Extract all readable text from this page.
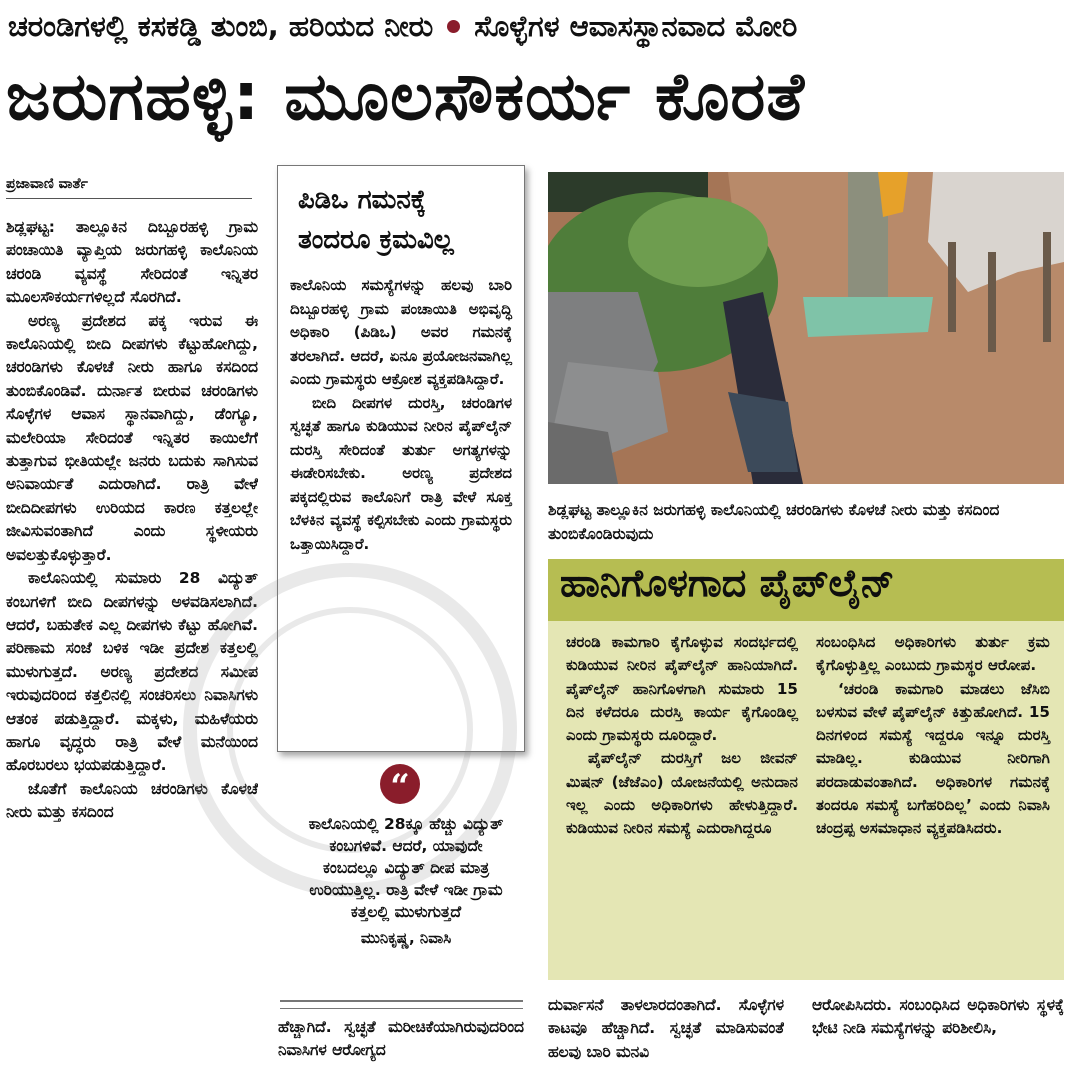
ಚರಂಡಿಗಳಲ್ಲಿ ಕಸಕಡ್ಡಿ ತುಂಬಿ, ಹರಿಯದ ನೀರು ಸೊಳ್ಳೆಗಳ ಆವಾಸಸ್ಥಾನವಾದ ಮೋರಿ
ಜರುಗಹಳ್ಳಿ: ಮೂಲಸೌಕರ್ಯ ಕೊರತೆ
ಪ್ರಜಾವಾಣಿ ವಾರ್ತೆ

ಶಿಡ್ಲಘಟ್ಟ: ತಾಲ್ಲೂಕಿನ ದಿಬ್ಬೂರಹಳ್ಳಿ ಗ್ರಾಮ ಪಂಚಾಯಿತಿ ವ್ಯಾಪ್ತಿಯ ಜರುಗಹಳ್ಳಿ ಕಾಲೊನಿಯ ಚರಂಡಿ ವ್ಯವಸ್ಥೆ ಸೇರಿದಂತೆ ಇನ್ನಿತರ ಮೂಲಸೌಕರ್ಯಗಳಿಲ್ಲದೆ ಸೊರಗಿದೆ.

ಅರಣ್ಯ ಪ್ರದೇಶದ ಪಕ್ಕ ಇರುವ ಈ ಕಾಲೊನಿಯಲ್ಲಿ ಬೀದಿ ದೀಪಗಳು ಕೆಟ್ಟುಹೋಗಿದ್ದು, ಚರಂಡಿಗಳು ಕೊಳಚೆ ನೀರು ಹಾಗೂ ಕಸದಿಂದ ತುಂಬಿಕೊಂಡಿವೆ. ದುರ್ನಾತ ಬೀರುವ ಚರಂಡಿಗಳು ಸೊಳ್ಳೆಗಳ ಆವಾಸ ಸ್ಥಾನವಾಗಿದ್ದು, ಡೆಂಗ್ಯೂ, ಮಲೇರಿಯಾ ಸೇರಿದಂತೆ ಇನ್ನಿತರ ಕಾಯಿಲೆಗೆ ತುತ್ತಾಗುವ ಭೀತಿಯಲ್ಲೇ ಜನರು ಬದುಕು ಸಾಗಿಸುವ ಅನಿವಾರ್ಯತೆ ಎದುರಾಗಿದೆ. ರಾತ್ರಿ ವೇಳೆ ಬೀದಿದೀಪಗಳು ಉರಿಯದ ಕಾರಣ ಕತ್ತಲಲ್ಲೇ ಜೀವಿಸುವಂತಾಗಿದೆ ಎಂದು ಸ್ಥಳೀಯರು ಅವಲತ್ತುಕೊಳ್ಳುತ್ತಾರೆ.

ಕಾಲೊನಿಯಲ್ಲಿ ಸುಮಾರು 28 ವಿದ್ಯುತ್ ಕಂಬಗಳಿಗೆ ಬೀದಿ ದೀಪಗಳನ್ನು ಅಳವಡಿಸಲಾಗಿದೆ. ಆದರೆ, ಬಹುತೇಕ ಎಲ್ಲ ದೀಪಗಳು ಕೆಟ್ಟು ಹೋಗಿವೆ. ಪರಿಣಾಮ ಸಂಜೆ ಬಳಿಕ ಇಡೀ ಪ್ರದೇಶ ಕತ್ತಲಲ್ಲಿ ಮುಳುಗುತ್ತದೆ. ಅರಣ್ಯ ಪ್ರದೇಶದ ಸಮೀಪ ಇರುವುದರಿಂದ ಕತ್ತಲಿನಲ್ಲಿ ಸಂಚರಿಸಲು ನಿವಾಸಿಗಳು ಆತಂಕ ಪಡುತ್ತಿದ್ದಾರೆ. ಮಕ್ಕಳು, ಮಹಿಳೆಯರು ಹಾಗೂ ವೃದ್ಧರು ರಾತ್ರಿ ವೇಳೆ ಮನೆಯಿಂದ ಹೊರಬರಲು ಭಯಪಡುತ್ತಿದ್ದಾರೆ.

ಜೊತೆಗೆ ಕಾಲೊನಿಯ ಚರಂಡಿಗಳು ಕೊಳಚೆ ನೀರು ಮತ್ತು ಕಸದಿಂದ

ಪಿಡಿಒ ಗಮನಕ್ಕೆ
ತಂದರೂ ಕ್ರಮವಿಲ್ಲ

ಕಾಲೊನಿಯ ಸಮಸ್ಯೆಗಳನ್ನು ಹಲವು ಬಾರಿ ದಿಬ್ಬೂರಹಳ್ಳಿ ಗ್ರಾಮ ಪಂಚಾಯಿತಿ ಅಭಿವೃದ್ಧಿ ಅಧಿಕಾರಿ (ಪಿಡಿಒ) ಅವರ ಗಮನಕ್ಕೆ ತರಲಾಗಿದೆ. ಆದರೆ, ಏನೂ ಪ್ರಯೋಜನವಾಗಿಲ್ಲ ಎಂದು ಗ್ರಾಮಸ್ಥರು ಆಕ್ರೋಶ ವ್ಯಕ್ತಪಡಿಸಿದ್ದಾರೆ.

ಬೀದಿ ದೀಪಗಳ ದುರಸ್ತಿ, ಚರಂಡಿಗಳ ಸ್ವಚ್ಛತೆ ಹಾಗೂ ಕುಡಿಯುವ ನೀರಿನ ಪೈಪ್‌ಲೈನ್ ದುರಸ್ತಿ ಸೇರಿದಂತೆ ತುರ್ತು ಅಗತ್ಯಗಳನ್ನು ಈಡೇರಿಸಬೇಕು. ಅರಣ್ಯ ಪ್ರದೇಶದ ಪಕ್ಕದಲ್ಲಿರುವ ಕಾಲೊನಿಗೆ ರಾತ್ರಿ ವೇಳೆ ಸೂಕ್ತ ಬೆಳಕಿನ ವ್ಯವಸ್ಥೆ ಕಲ್ಪಿಸಬೇಕು ಎಂದು ಗ್ರಾಮಸ್ಥರು ಒತ್ತಾಯಿಸಿದ್ದಾರೆ.

“
ಕಾಲೊನಿಯಲ್ಲಿ 28ಕ್ಕೂ ಹೆಚ್ಚು ವಿದ್ಯುತ್ ಕಂಬಗಳಿವೆ. ಆದರೆ, ಯಾವುದೇ ಕಂಬದಲ್ಲೂ ವಿದ್ಯುತ್ ದೀಪ ಮಾತ್ರ ಉರಿಯುತ್ತಿಲ್ಲ. ರಾತ್ರಿ ವೇಳೆ ಇಡೀ ಗ್ರಾಮ ಕತ್ತಲಲ್ಲಿ ಮುಳುಗುತ್ತದೆ
ಮುನಿಕೃಷ್ಣ, ನಿವಾಸಿ

ಹೆಚ್ಚಾಗಿದೆ. ಸ್ವಚ್ಛತೆ ಮರೀಚಿಕೆಯಾಗಿರುವುದರಿಂದ ನಿವಾಸಿಗಳ ಆರೋಗ್ಯದ

ಶಿಡ್ಲಘಟ್ಟ ತಾಲ್ಲೂಕಿನ ಜರುಗಹಳ್ಳಿ ಕಾಲೊನಿಯಲ್ಲಿ ಚರಂಡಿಗಳು ಕೊಳಚೆ ನೀರು ಮತ್ತು ಕಸದಿಂದ ತುಂಬಿಕೊಂಡಿರುವುದು
ಹಾನಿಗೊಳಗಾದ ಪೈಪ್‌ಲೈನ್

ಚರಂಡಿ ಕಾಮಗಾರಿ ಕೈಗೊಳ್ಳುವ ಸಂದರ್ಭದಲ್ಲಿ ಕುಡಿಯುವ ನೀರಿನ ಪೈಪ್‌ಲೈನ್ ಹಾನಿಯಾಗಿದೆ. ಪೈಪ್‌ಲೈನ್ ಹಾನಿಗೊಳಗಾಗಿ ಸುಮಾರು 15 ದಿನ ಕಳೆದರೂ ದುರಸ್ತಿ ಕಾರ್ಯ ಕೈಗೊಂಡಿಲ್ಲ ಎಂದು ಗ್ರಾಮಸ್ಥರು ದೂರಿದ್ದಾರೆ.

ಪೈಪ್‌ಲೈನ್ ದುರಸ್ತಿಗೆ ಜಲ ಜೀವನ್ ಮಿಷನ್ (ಜೆಜೆಎಂ) ಯೋಜನೆಯಲ್ಲಿ ಅನುದಾನ ಇಲ್ಲ ಎಂದು ಅಧಿಕಾರಿಗಳು ಹೇಳುತ್ತಿದ್ದಾರೆ. ಕುಡಿಯುವ ನೀರಿನ ಸಮಸ್ಯೆ ಎದುರಾಗಿದ್ದರೂ

ಸಂಬಂಧಿಸಿದ ಅಧಿಕಾರಿಗಳು ತುರ್ತು ಕ್ರಮ ಕೈಗೊಳ್ಳುತ್ತಿಲ್ಲ ಎಂಬುದು ಗ್ರಾಮಸ್ಥರ ಆರೋಪ.

‘ಚರಂಡಿ ಕಾಮಗಾರಿ ಮಾಡಲು ಜೆಸಿಬಿ ಬಳಸುವ ವೇಳೆ ಪೈಪ್‌ಲೈನ್ ಕಿತ್ತುಹೋಗಿದೆ. 15 ದಿನಗಳಿಂದ ಸಮಸ್ಯೆ ಇದ್ದರೂ ಇನ್ನೂ ದುರಸ್ತಿ ಮಾಡಿಲ್ಲ. ಕುಡಿಯುವ ನೀರಿಗಾಗಿ ಪರದಾಡುವಂತಾಗಿದೆ. ಅಧಿಕಾರಿಗಳ ಗಮನಕ್ಕೆ ತಂದರೂ ಸಮಸ್ಯೆ ಬಗೆಹರಿದಿಲ್ಲ’ ಎಂದು ನಿವಾಸಿ ಚಂದ್ರಪ್ಪ ಅಸಮಾಧಾನ ವ್ಯಕ್ತಪಡಿಸಿದರು.

ದುರ್ವಾಸನೆ ತಾಳಲಾರದಂತಾಗಿದೆ. ಸೊಳ್ಳೆಗಳ ಕಾಟವೂ ಹೆಚ್ಚಾಗಿದೆ. ಸ್ವಚ್ಛತೆ ಮಾಡಿಸುವಂತೆ ಹಲವು ಬಾರಿ ಮನವಿ

ಆರೋಪಿಸಿದರು. ಸಂಬಂಧಿಸಿದ ಅಧಿಕಾರಿಗಳು ಸ್ಥಳಕ್ಕೆ ಭೇಟಿ ನೀಡಿ ಸಮಸ್ಯೆಗಳನ್ನು ಪರಿಶೀಲಿಸಿ,
